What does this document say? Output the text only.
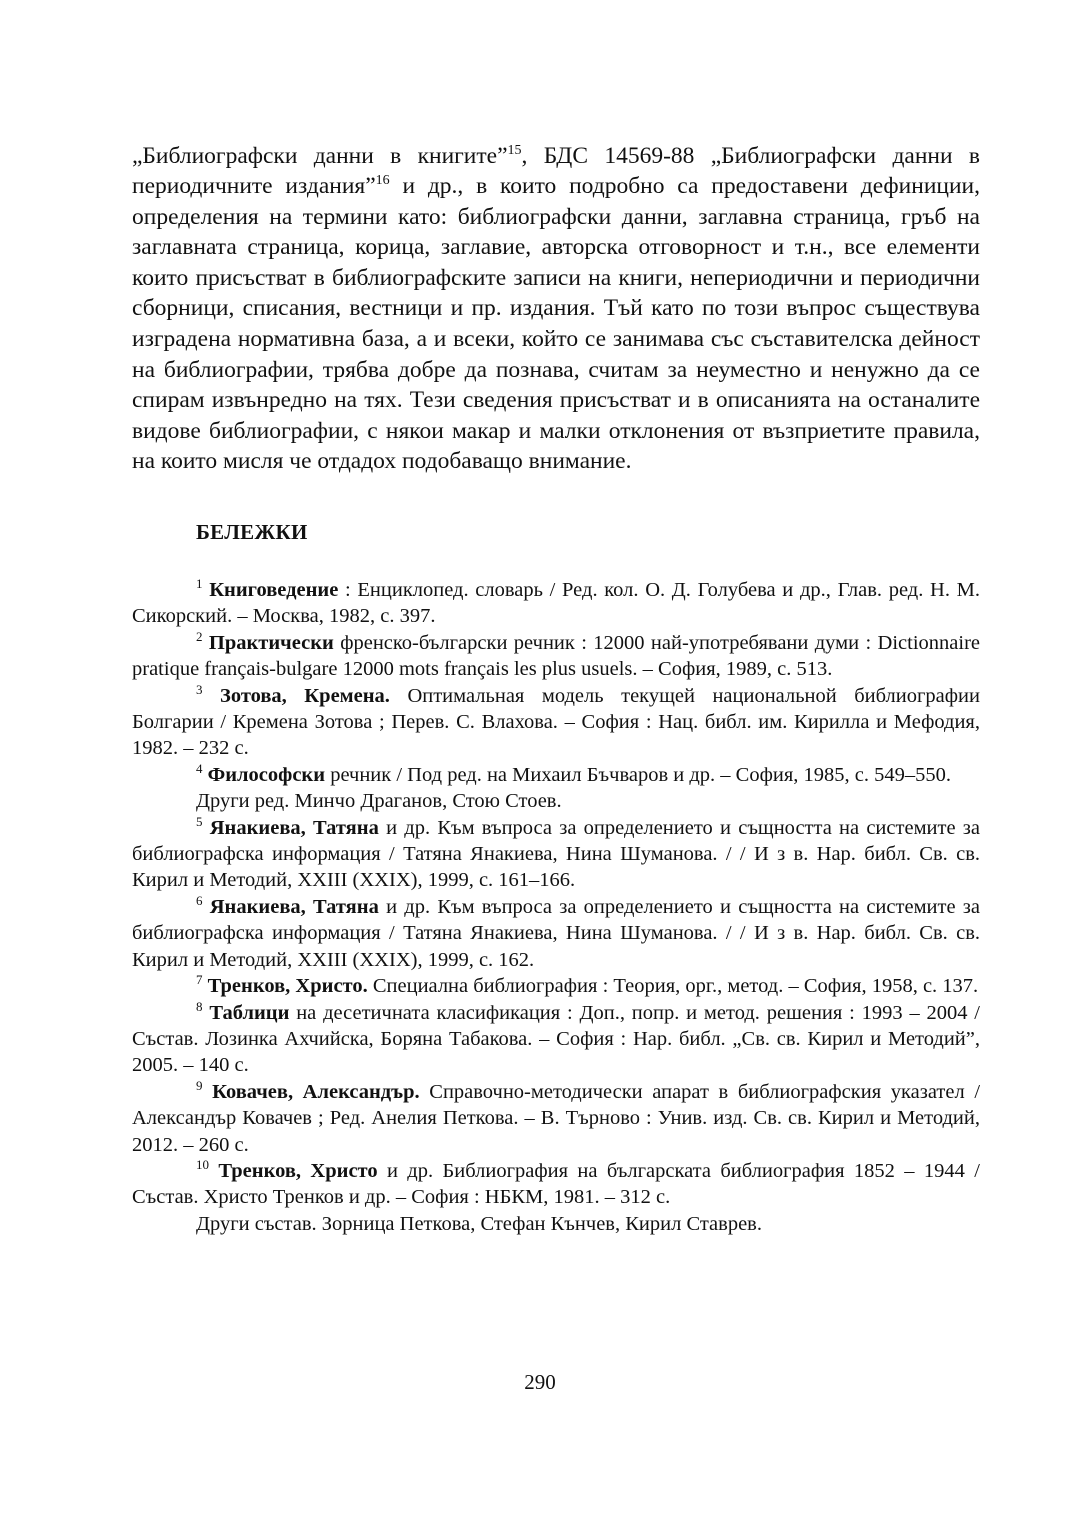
„Библиографски данни в книгите”$^{15}$, БДС 14569-88 „Библиографски данни в периодичните издания”$^{16}$ и др., в които подробно са предоставени дефиниции, определения на термини като: библиографски данни, заглавна страница, гръб на заглавната страница, корица, заглавие, авторска отговорност и т.н., все елементи които присъстват в библиографските записи на книги, непериодични и периодични сборници, списания, вестници и пр. издания. Тъй като по този въпрос съществува изградена нормативна база, а и всеки, който се занимава със съставителска дейност на библиографии, трябва добре да познава, считам за неуместно и ненужно да се спирам извънредно на тях. Тези сведения присъстват и в описанията на останалите видове библиографии, с някои макар и малки отклонения от възприетите правила, на които мисля че отдадох подобаващо внимание.

БЕЛЕЖКИ

$^1$ Книговедение : Енциклопед. словарь / Ред. кол. О. Д. Голубева и др., Глав. ред. Н. М. Сикорский. – Москва, 1982, с. 397.

$^2$ Практически френско-български речник : 12000 най-употребявани думи : Dictionnaire pratique français-bulgare 12000 mots français les plus usuels. – София, 1989, с. 513.

$^3$ Зотова, Кремена. Оптимальная модель текущей национальной библиографии Болгарии / Кремена Зотова ; Перев. С. Влахова. – София : Нац. библ. им. Кирилла и Мефодия, 1982. – 232 с.

$^4$ Философски речник / Под ред. на Михаил Бъчваров и др. – София, 1985, с. 549–550.

Други ред. Минчо Драганов, Стою Стоев.

$^5$ Янакиева, Татяна и др. Към въпроса за определението и същността на системите за библиографска информация / Татяна Янакиева, Нина Шуманова. / / И з в. Нар. библ. Св. св. Кирил и Методий, XXIII (XXIX), 1999, с. 161–166.

$^6$ Янакиева, Татяна и др. Към въпроса за определението и същността на системите за библиографска информация / Татяна Янакиева, Нина Шуманова. / / И з в. Нар. библ. Св. св. Кирил и Методий, XXIII (XXIX), 1999, с. 162.

$^7$ Тренков, Христо. Специална библиография : Теория, орг., метод. – София, 1958, с. 137.

$^8$ Таблици на десетичната класификация : Доп., попр. и метод. решения : 1993 – 2004 / Състав. Лозинка Ахчийска, Боряна Табакова. – София : Нар. библ. „Св. св. Кирил и Методий”, 2005. – 140 с.

$^9$ Ковачев, Александър. Справочно-методически апарат в библиографския указател / Александър Ковачев ; Ред. Анелия Петкова. – В. Търново : Унив. изд. Св. св. Кирил и Методий, 2012. – 260 с.

$^{10}$ Тренков, Христо и др. Библиография на българската библиография 1852 – 1944 / Състав. Христо Тренков и др. – София : НБКМ, 1981. – 312 с.

Други състав. Зорница Петкова, Стефан Кънчев, Кирил Ставрев.

290
